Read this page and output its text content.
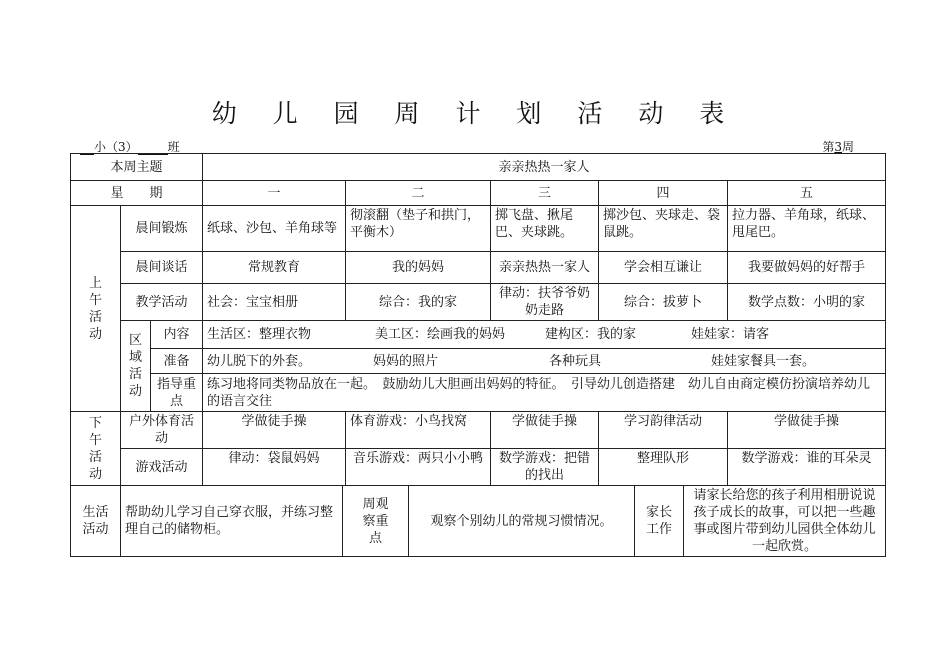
幼 儿 园 周 计 划 活 动 表
小（3）	班	第3周
本周主题			亲亲热热一家人				
星　　期			一	二	三	四	五
上午活动	晨间锻炼		纸球、沙包、羊角球等	彻滚翻（垫子和拱门，平衡木）	掷飞盘、揪尾巴、夹球跳。	掷沙包、夹球走、袋鼠跳。	拉力器、羊角球，纸球、甩尾巴。
	晨间谈话		常规教育	我的妈妈	亲亲热热一家人	学会相互谦让	我要做妈妈的好帮手
	教学活动		社会：宝宝相册	综合：我的家	律动：扶爷爷奶奶走路	综合：拔萝卜	数学点数：小明的家
	区域活动	内容	生活区：整理衣物 美工区：绘画我的妈妈 建构区：我的家 娃娃家：请客				
		准备	幼儿脱下的外套。 妈妈的照片 各种玩具 娃娃家餐具一套。				
		指导重点	练习地将同类物品放在一起。　鼓励幼儿大胆画出妈妈的特征。　引导幼儿创造搭建　幼儿自由商定模仿扮演培养幼儿的语言交往				
下午活动	户外体育活动		学做徒手操	体育游戏：小鸟找窝	学做徒手操	学习韵律活动	学做徒手操
	游戏活动		律动：袋鼠妈妈	音乐游戏：两只小小鸭	数学游戏：把错的找出	整理队形	数学游戏：谁的耳朵灵
生活活动	帮助幼儿学习自己穿衣服，并练习整理自己的储物柜。	周观察重　点	观察个别幼儿的常规习惯情况。	家长工作	请家长给您的孩子利用相册说说孩子成长的故事，可以把一些趣事或图片带到幼儿园供全体幼儿一起欣赏。
